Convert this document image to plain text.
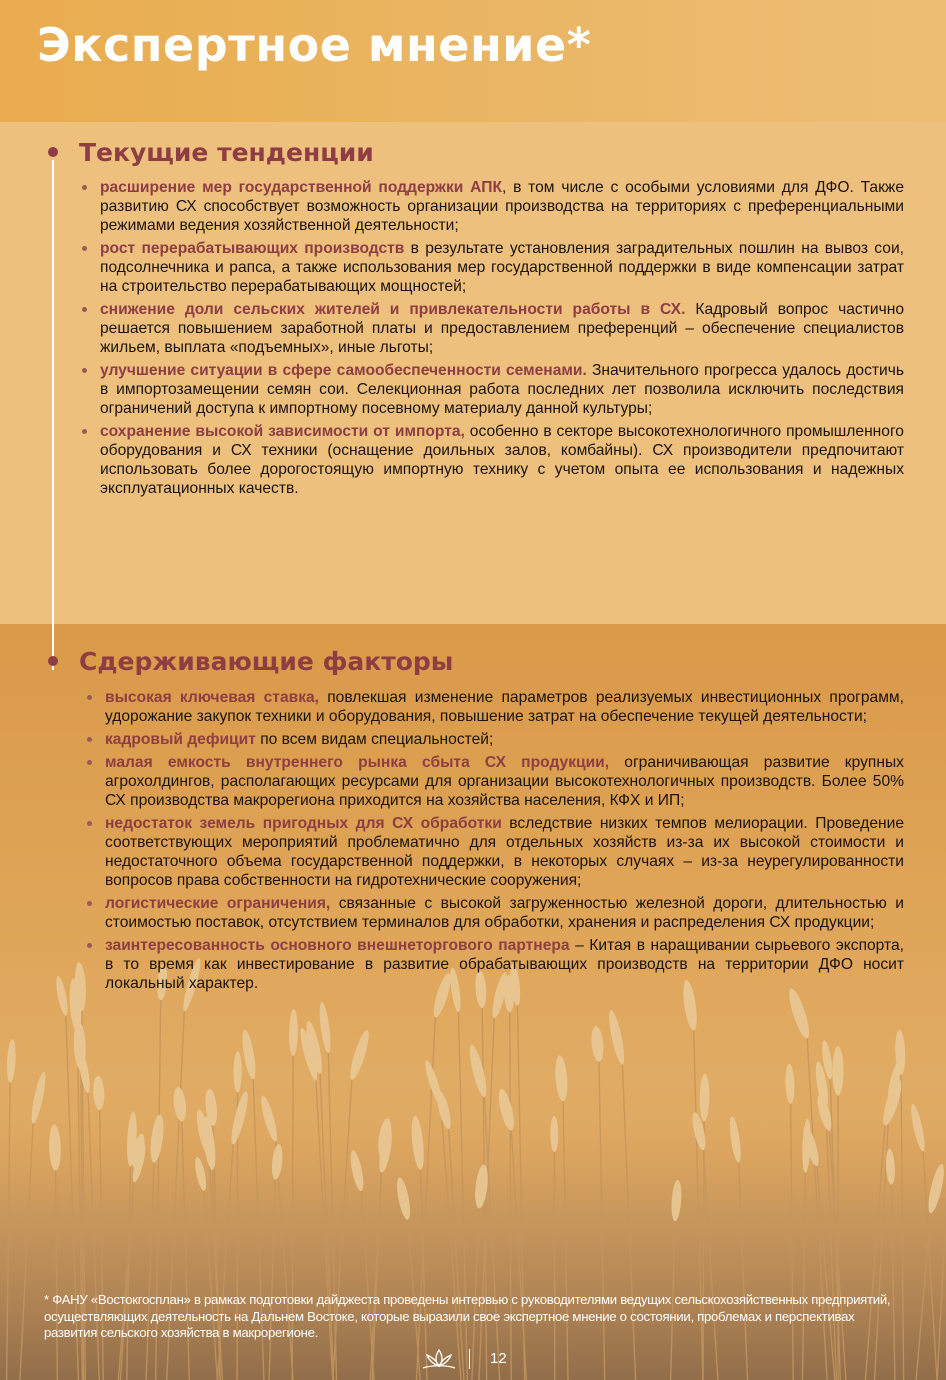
Экспертное мнение*
Текущие тенденции
расширение мер государственной поддержки АПК, в том числе с особыми условиями для ДФО. Также развитию СХ способствует возможность организации производства на территориях с преференциальными режимами ведения хозяйственной деятельности;
рост перерабатывающих производств в результате установления заградительных пошлин на вывоз сои, подсолнечника и рапса, а также использования мер государственной поддержки в виде компенсации затрат на строительство перерабатывающих мощностей;
снижение доли сельских жителей и привлекательности работы в СХ. Кадровый вопрос частично решается повышением заработной платы и предоставлением преференций – обеспечение специалистов жильем, выплата «подъемных», иные льготы;
улучшение ситуации в сфере самообеспеченности семенами. Значительного прогресса удалось достичь в импортозамещении семян сои. Селекционная работа последних лет позволила исключить последствия ограничений доступа к импортному посевному материалу данной культуры;
сохранение высокой зависимости от импорта, особенно в секторе высокотехнологичного промышленного оборудования и СХ техники (оснащение доильных залов, комбайны). СХ производители предпочитают использовать более дорогостоящую импортную технику с учетом опыта ее использования и надежных эксплуатационных качеств.
Сдерживающие факторы
высокая ключевая ставка, повлекшая изменение параметров реализуемых инвестиционных программ, удорожание закупок техники и оборудования, повышение затрат на обеспечение текущей деятельности;
кадровый дефицит по всем видам специальностей;
малая емкость внутреннего рынка сбыта СХ продукции, ограничивающая развитие крупных агрохолдингов, располагающих ресурсами для организации высокотехнологичных производств. Более 50% СХ производства макрорегиона приходится на хозяйства населения, КФХ и ИП;
недостаток земель пригодных для СХ обработки вследствие низких темпов мелиорации. Проведение соответствующих мероприятий проблематично для отдельных хозяйств из-за их высокой стоимости и недостаточного объема государственной поддержки, в некоторых случаях – из-за неурегулированности вопросов права собственности на гидротехнические сооружения;
логистические ограничения, связанные с высокой загруженностью железной дороги, длительностью и стоимостью поставок, отсутствием терминалов для обработки, хранения и распределения СХ продукции;
заинтересованность основного внешнеторгового партнера – Китая в наращивании сырьевого экспорта, в то время как инвестирование в развитие обрабатывающих производств на территории ДФО носит локальный характер.

* ФАНУ «Востокгосплан» в рамках подготовки дайджеста проведены интервью с руководителями ведущих сельскохозяйственных предприятий, осуществляющих деятельность на Дальнем Востоке, которые выразили свое экспертное мнение о состоянии, проблемах и перспективах развития сельского хозяйства в макрорегионе.

12
